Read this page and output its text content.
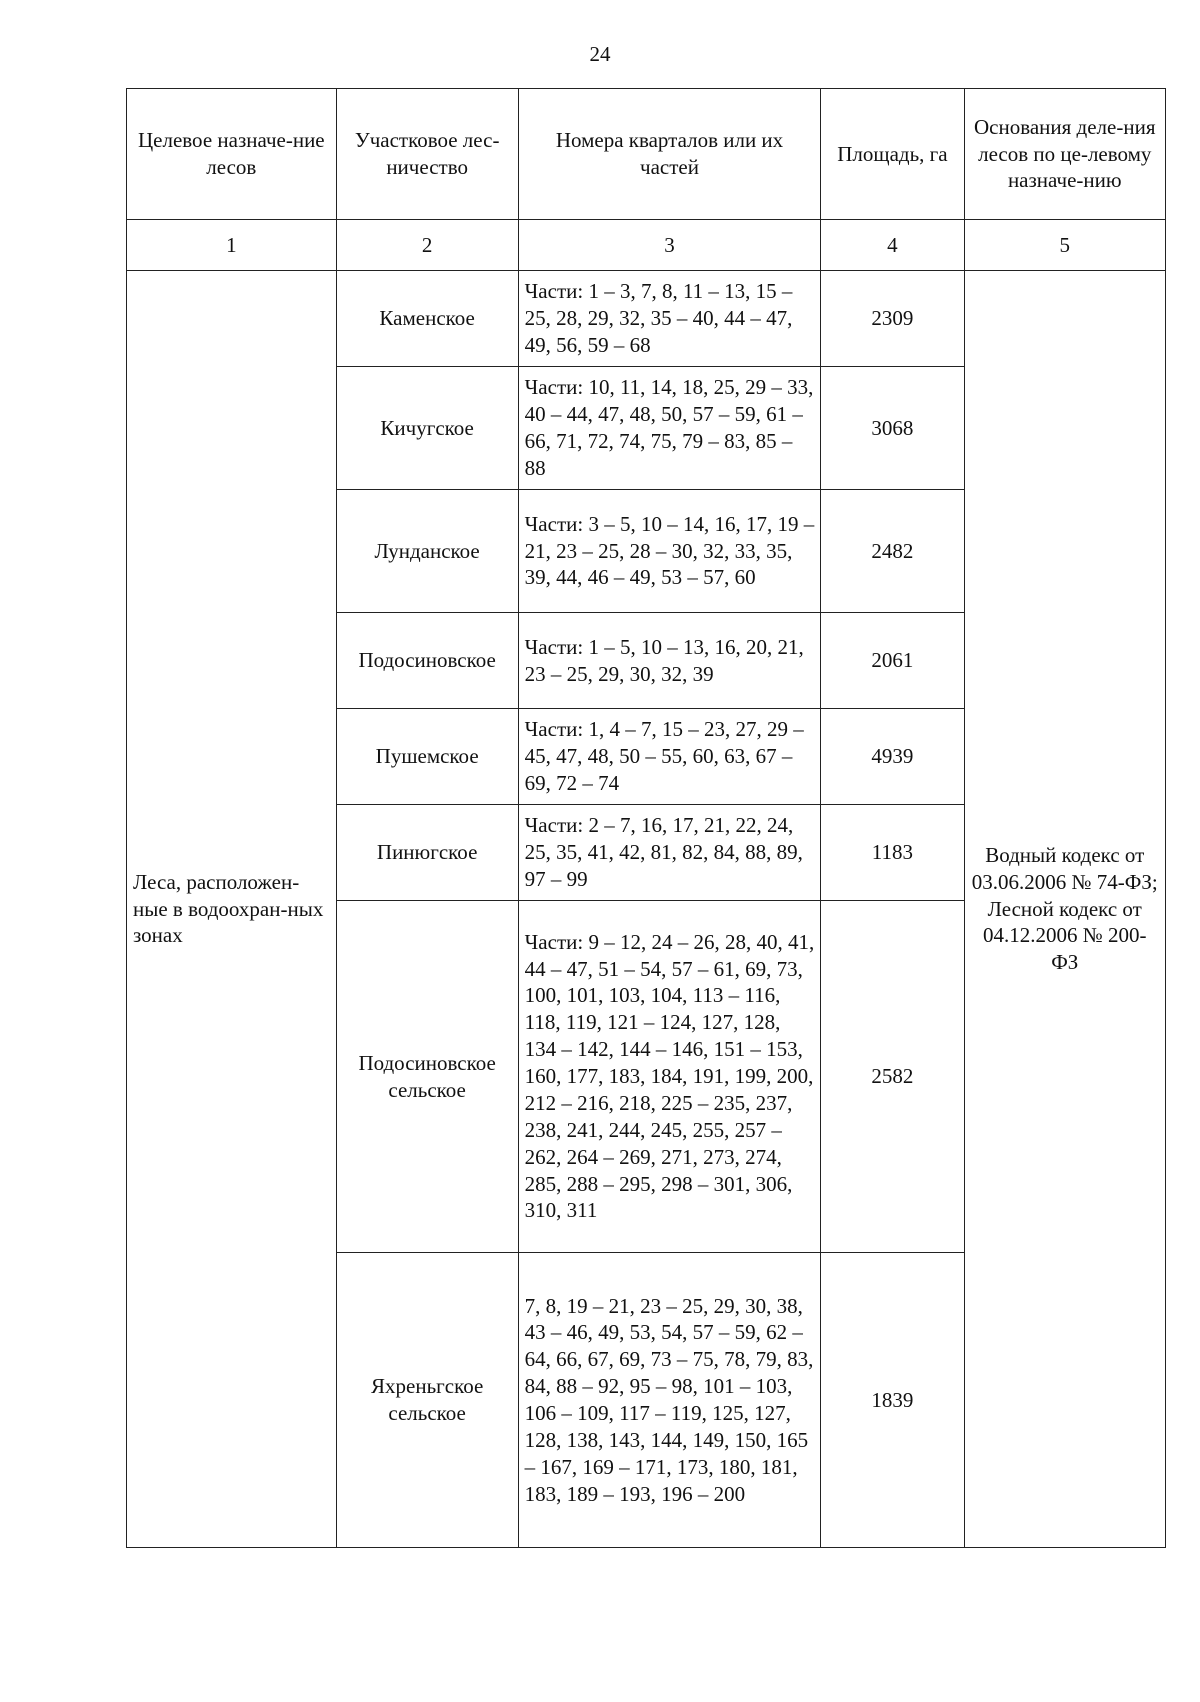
24
Целевое назначе-ние лесов	Участковое лес-ничество	Номера кварталов или их частей	Площадь, га	Основания деле-ния лесов по це-левому назначе-нию
1	2	3	4	5
Леса, расположен-ные в водоохран-ных зонах	Каменское	Части: 1 – 3, 7, 8, 11 – 13, 15 – 25, 28, 29, 32, 35 – 40, 44 – 47, 49, 56, 59 – 68	2309	Водный кодекс от 03.06.2006 № 74-ФЗ; Лесной кодекс от 04.12.2006 № 200-ФЗ
	Кичугское	Части: 10, 11, 14, 18, 25, 29 – 33, 40 – 44, 47, 48, 50, 57 – 59, 61 – 66, 71, 72, 74, 75, 79 – 83, 85 – 88	3068	
	Лунданское	Части: 3 – 5, 10 – 14, 16, 17, 19 – 21, 23 – 25, 28 – 30, 32, 33, 35, 39, 44, 46 – 49, 53 – 57, 60	2482	
	Подосиновское	Части: 1 – 5, 10 – 13, 16, 20, 21, 23 – 25, 29, 30, 32, 39	2061	
	Пушемское	Части: 1, 4 – 7, 15 – 23, 27, 29 – 45, 47, 48, 50 – 55, 60, 63, 67 – 69, 72 – 74	4939	
	Пинюгское	Части: 2 – 7, 16, 17, 21, 22, 24, 25, 35, 41, 42, 81, 82, 84, 88, 89, 97 – 99	1183	
	Подосиновское сельское	Части: 9 – 12, 24 – 26, 28, 40, 41, 44 – 47, 51 – 54, 57 – 61, 69, 73, 100, 101, 103, 104, 113 – 116, 118, 119, 121 – 124, 127, 128, 134 – 142, 144 – 146, 151 – 153, 160, 177, 183, 184, 191, 199, 200, 212 – 216, 218, 225 – 235, 237, 238, 241, 244, 245, 255, 257 – 262, 264 – 269, 271, 273, 274, 285, 288 – 295, 298 – 301, 306, 310, 311	2582	
	Яхреньгское сельское	7, 8, 19 – 21, 23 – 25, 29, 30, 38, 43 – 46, 49, 53, 54, 57 – 59, 62 – 64, 66, 67, 69, 73 – 75, 78, 79, 83, 84, 88 – 92, 95 – 98, 101 – 103, 106 – 109, 117 – 119, 125, 127, 128, 138, 143, 144, 149, 150, 165 – 167, 169 – 171, 173, 180, 181, 183, 189 – 193, 196 – 200	1839	
